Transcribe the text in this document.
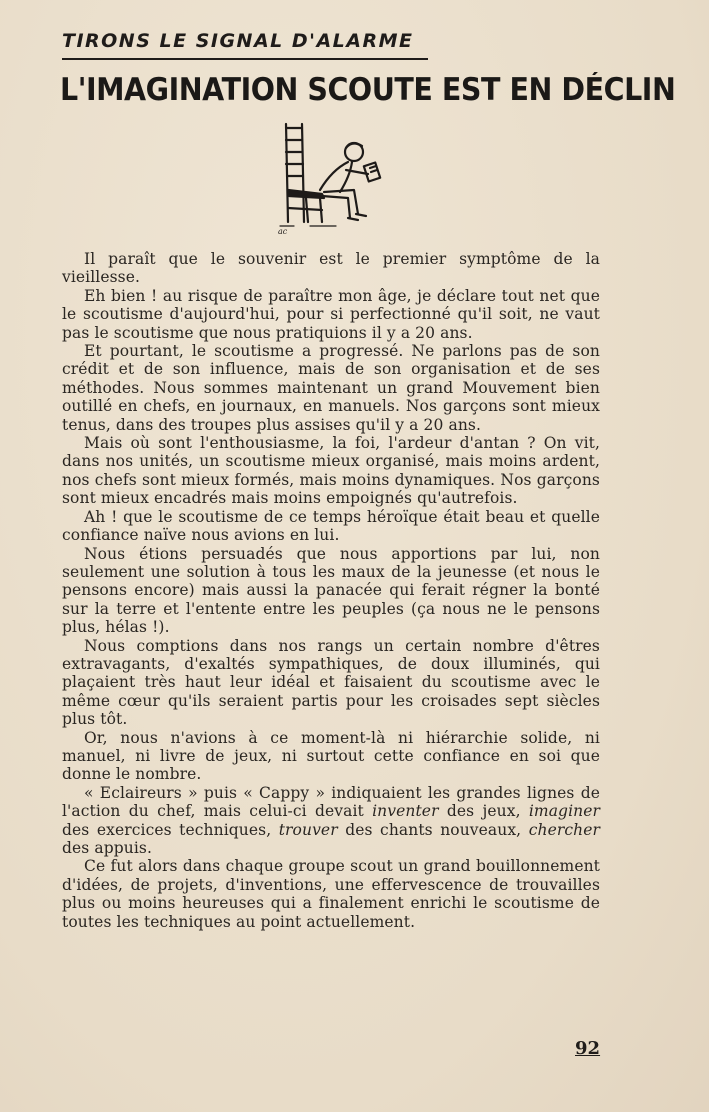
TIRONS LE SIGNAL D'ALARME
L'IMAGINATION SCOUTE EST EN DÉCLIN
ac

Il paraît que le souvenir est le premier symptôme de la vieillesse.

Eh bien ! au risque de paraître mon âge, je déclare tout net que le scoutisme d'aujourd'hui, pour si perfectionné qu'il soit, ne vaut pas le scoutisme que nous pratiquions il y a 20 ans.

Et pourtant, le scoutisme a progressé. Ne parlons pas de son crédit et de son influence, mais de son organisation et de ses méthodes. Nous sommes maintenant un grand Mouvement bien outillé en chefs, en journaux, en manuels. Nos garçons sont mieux tenus, dans des troupes plus assises qu'il y a 20 ans.

Mais où sont l'enthousiasme, la foi, l'ardeur d'antan ? On vit, dans nos unités, un scoutisme mieux organisé, mais moins ardent, nos chefs sont mieux formés, mais moins dynamiques. Nos garçons sont mieux encadrés mais moins empoignés qu'autrefois.

Ah ! que le scoutisme de ce temps héroïque était beau et quelle confiance naïve nous avions en lui.

Nous étions persuadés que nous apportions par lui, non seulement une solution à tous les maux de la jeunesse (et nous le pensons encore) mais aussi la panacée qui ferait régner la bonté sur la terre et l'entente entre les peuples (ça nous ne le pensons plus, hélas !).

Nous comptions dans nos rangs un certain nombre d'êtres extravagants, d'exaltés sympathiques, de doux illuminés, qui plaçaient très haut leur idéal et faisaient du scoutisme avec le même cœur qu'ils seraient partis pour les croisades sept siècles plus tôt.

Or, nous n'avions à ce moment-là ni hiérarchie solide, ni manuel, ni livre de jeux, ni surtout cette confiance en soi que donne le nombre.

« Eclaireurs » puis « Cappy » indiquaient les grandes lignes de l'action du chef, mais celui-ci devait inventer des jeux, imaginer des exercices techniques, trouver des chants nouveaux, chercher des appuis.

Ce fut alors dans chaque groupe scout un grand bouillonnement d'idées, de projets, d'inventions, une effervescence de trouvailles plus ou moins heureuses qui a finalement enrichi le scoutisme de toutes les techniques au point actuellement.

92
